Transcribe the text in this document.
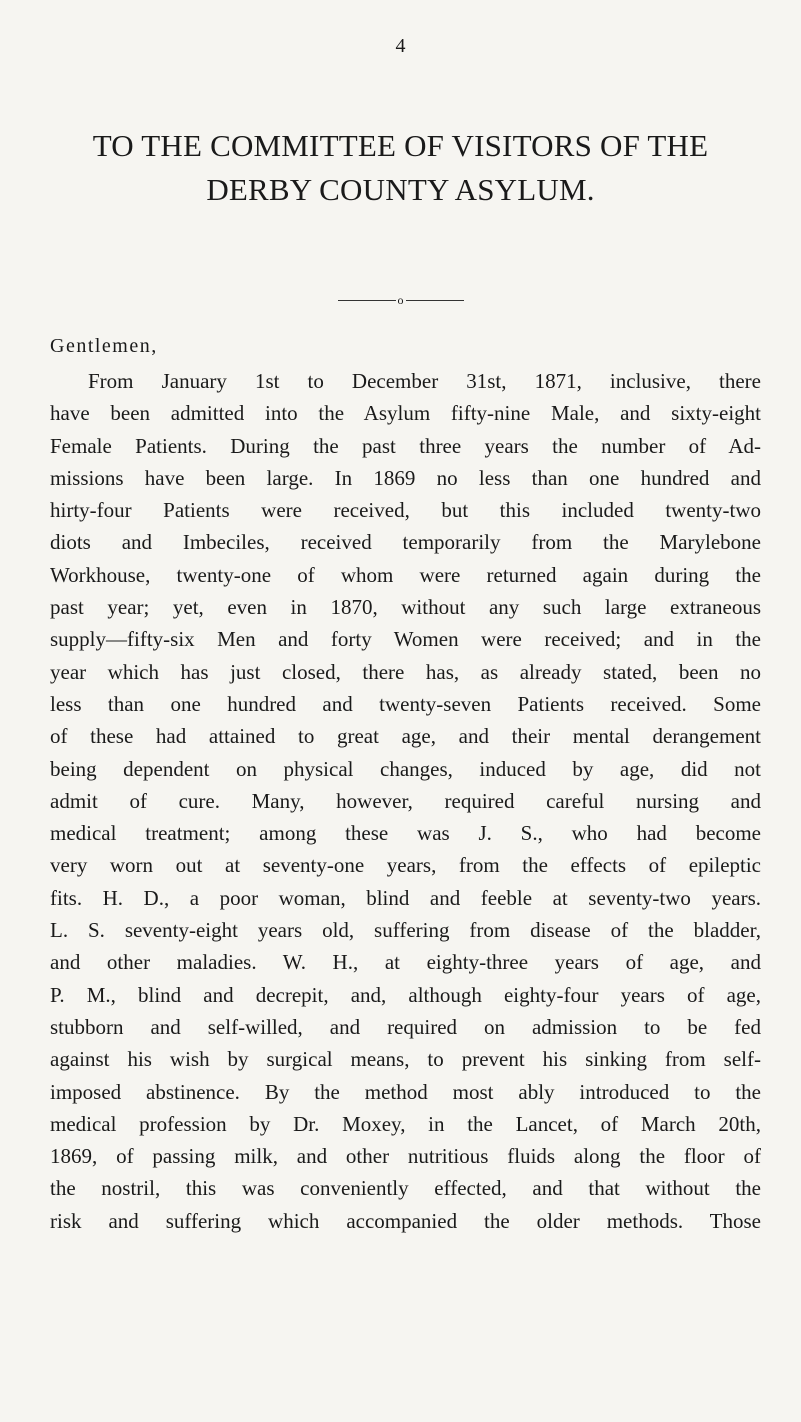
4
TO THE COMMITTEE OF VISITORS OF THE
DERBY COUNTY ASYLUM.
o
Gentlemen,
From January 1st to December 31st, 1871, inclusive, there
have been admitted into the Asylum fifty-nine Male, and sixty-eight
Female Patients. During the past three years the number of Ad-
missions have been large. In 1869 no less than one hundred and
hirty-four Patients were received, but this included twenty-two
diots and Imbeciles, received temporarily from the Marylebone
Workhouse, twenty-one of whom were returned again during the
past year; yet, even in 1870, without any such large extraneous
supply—fifty-six Men and forty Women were received; and in the
year which has just closed, there has, as already stated, been no
less than one hundred and twenty-seven Patients received. Some
of these had attained to great age, and their mental derangement
being dependent on physical changes, induced by age, did not
admit of cure. Many, however, required careful nursing and
medical treatment; among these was J. S., who had become
very worn out at seventy-one years, from the effects of epileptic
fits. H. D., a poor woman, blind and feeble at seventy-two years.
L. S. seventy-eight years old, suffering from disease of the bladder,
and other maladies. W. H., at eighty-three years of age, and
P. M., blind and decrepit, and, although eighty-four years of age,
stubborn and self-willed, and required on admission to be fed
against his wish by surgical means, to prevent his sinking from self-
imposed abstinence. By the method most ably introduced to the
medical profession by Dr. Moxey, in the Lancet, of March 20th,
1869, of passing milk, and other nutritious fluids along the floor of
the nostril, this was conveniently effected, and that without the
risk and suffering which accompanied the older methods. Those
